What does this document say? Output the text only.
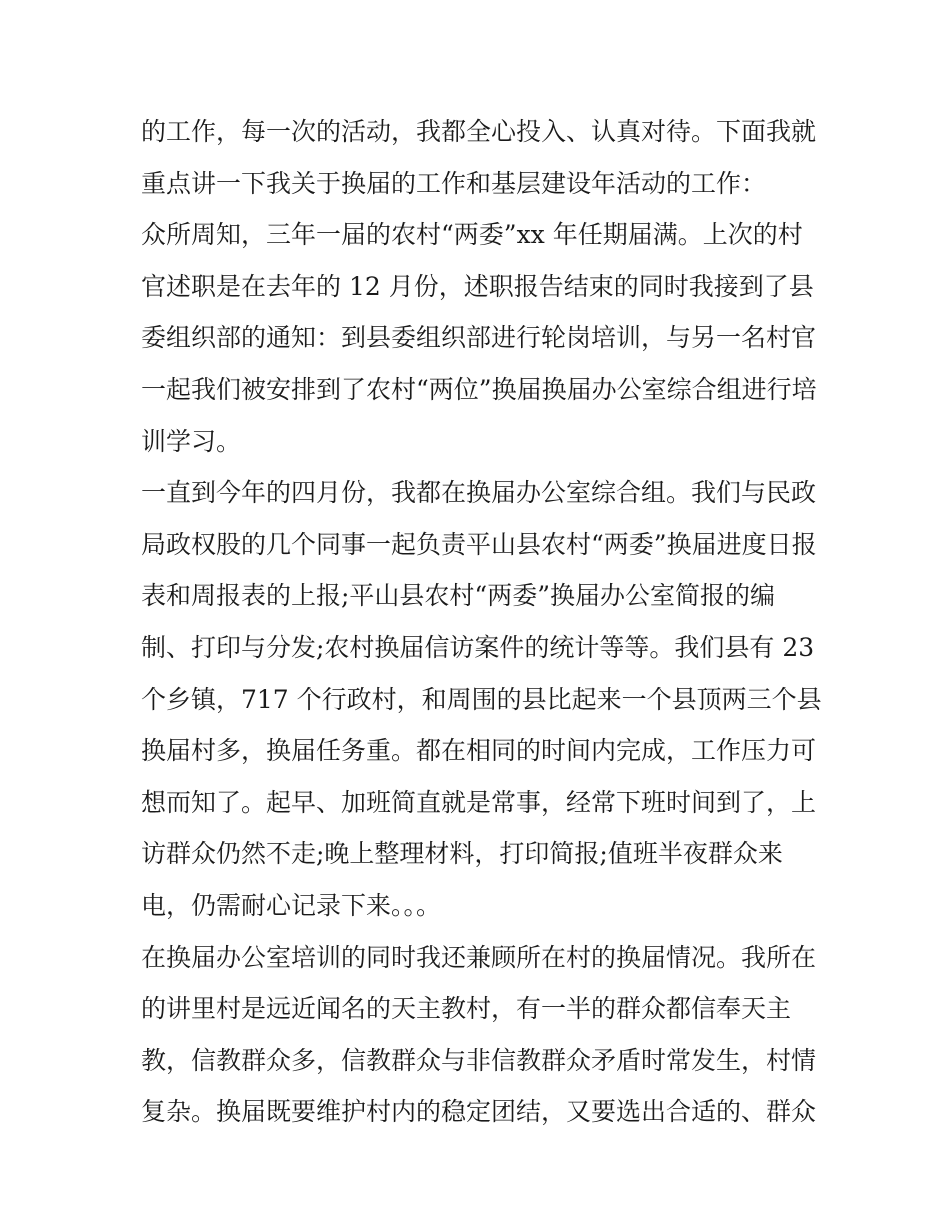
的工作，每一次的活动，我都全心投入、认真对待。下面我就
重点讲一下我关于换届的工作和基层建设年活动的工作：
众所周知，三年一届的农村“两委”xx 年任期届满。上次的村
官述职是在去年的 12 月份，述职报告结束的同时我接到了县
委组织部的通知：到县委组织部进行轮岗培训，与另一名村官
一起我们被安排到了农村“两位”换届换届办公室综合组进行培
训学习。
一直到今年的四月份，我都在换届办公室综合组。我们与民政
局政权股的几个同事一起负责平山县农村“两委”换届进度日报
表和周报表的上报;平山县农村“两委”换届办公室简报的编
制、打印与分发;农村换届信访案件的统计等等。我们县有 23
个乡镇，717 个行政村，和周围的县比起来一个县顶两三个县
换届村多，换届任务重。都在相同的时间内完成，工作压力可
想而知了。起早、加班简直就是常事，经常下班时间到了，上
访群众仍然不走;晚上整理材料，打印简报;值班半夜群众来
电，仍需耐心记录下来。。。
在换届办公室培训的同时我还兼顾所在村的换届情况。我所在
的讲里村是远近闻名的天主教村，有一半的群众都信奉天主
教，信教群众多，信教群众与非信教群众矛盾时常发生，村情
复杂。换届既要维护村内的稳定团结，又要选出合适的、群众
